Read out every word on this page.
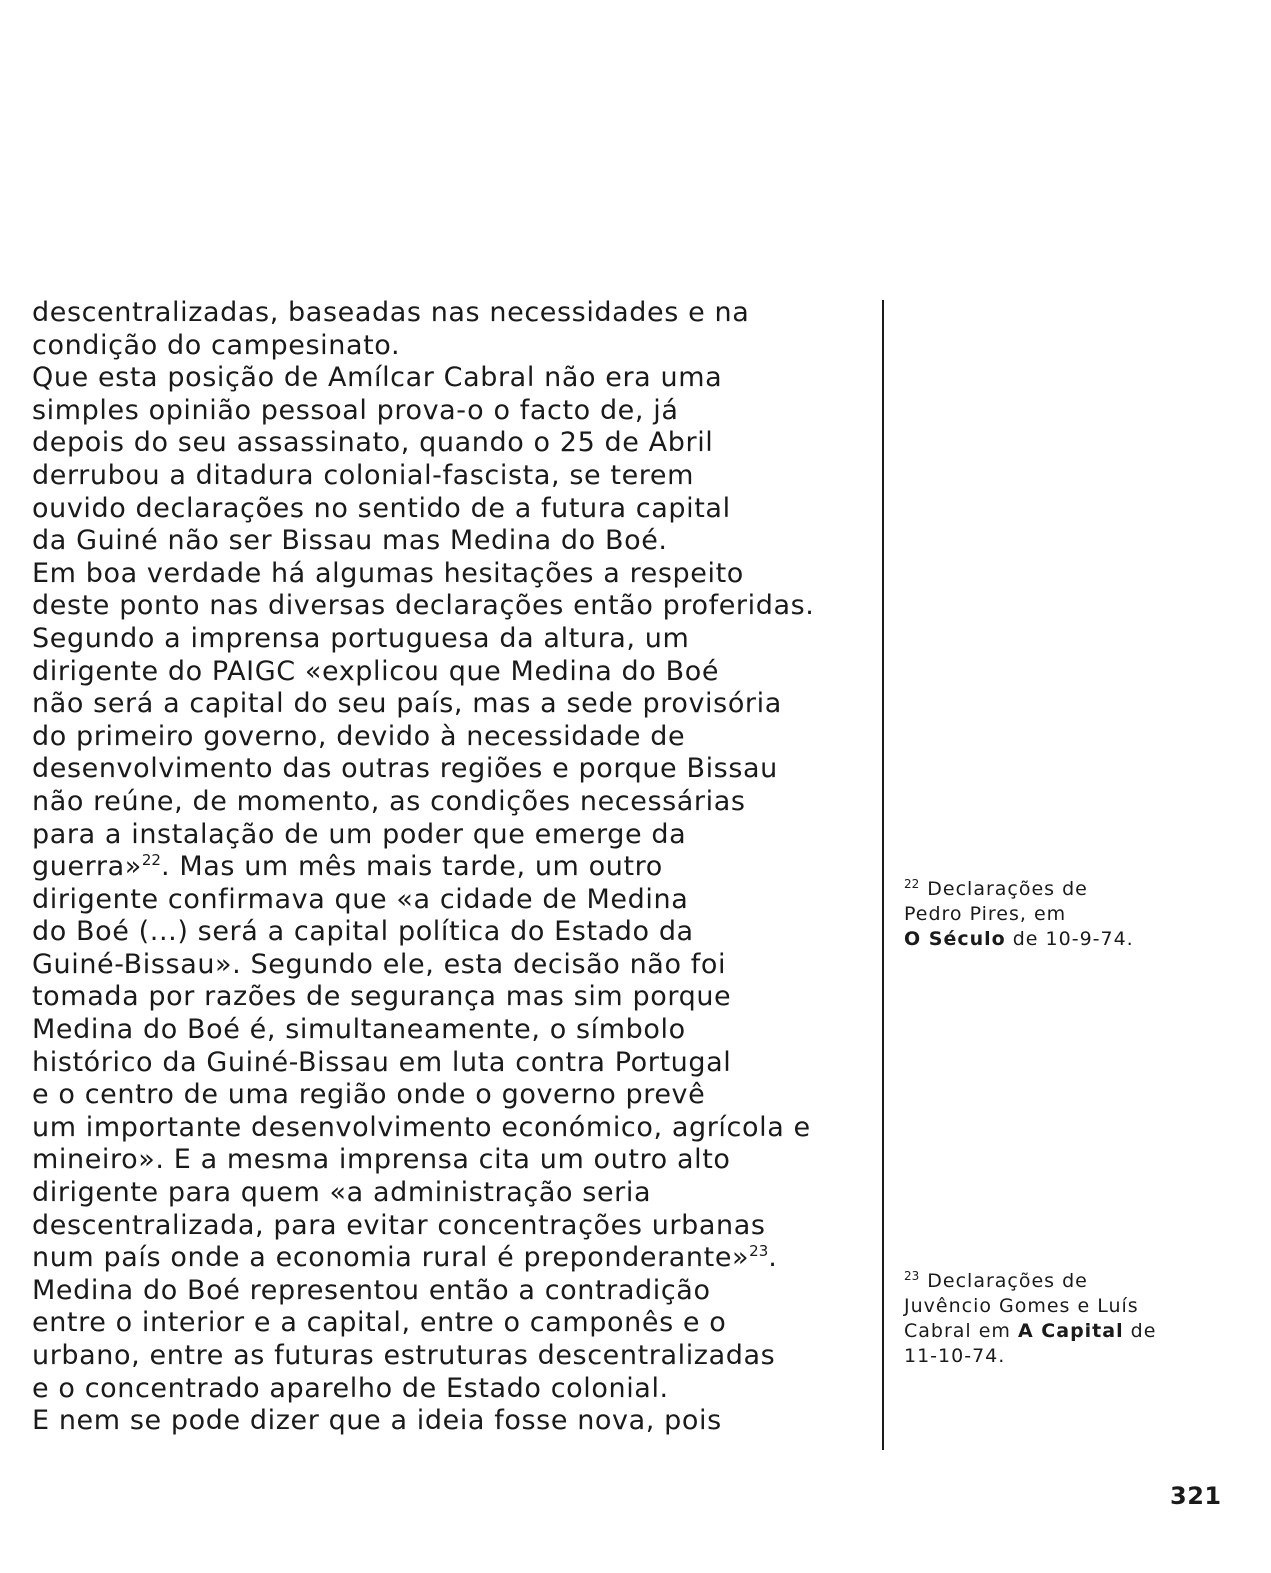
descentralizadas, baseadas nas necessidades e na
condição do campesinato.
Que esta posição de Amílcar Cabral não era uma
simples opinião pessoal prova-o o facto de, já
depois do seu assassinato, quando o 25 de Abril
derrubou a ditadura colonial-fascista, se terem
ouvido declarações no sentido de a futura capital
da Guiné não ser Bissau mas Medina do Boé.
Em boa verdade há algumas hesitações a respeito
deste ponto nas diversas declarações então proferidas.
Segundo a imprensa portuguesa da altura, um
dirigente do PAIGC «explicou que Medina do Boé
não será a capital do seu país, mas a sede provisória
do primeiro governo, devido à necessidade de
desenvolvimento das outras regiões e porque Bissau
não reúne, de momento, as condições necessárias
para a instalação de um poder que emerge da
guerra»$^{22}$. Mas um mês mais tarde, um outro
dirigente confirmava que «a cidade de Medina
do Boé (...) será a capital política do Estado da
Guiné-Bissau». Segundo ele, esta decisão não foi
tomada por razões de segurança mas sim porque
Medina do Boé é, simultaneamente, o símbolo
histórico da Guiné-Bissau em luta contra Portugal
e o centro de uma região onde o governo prevê
um importante desenvolvimento económico, agrícola e
mineiro». E a mesma imprensa cita um outro alto
dirigente para quem «a administração seria
descentralizada, para evitar concentrações urbanas
num país onde a economia rural é preponderante»$^{23}$.
Medina do Boé representou então a contradição
entre o interior e a capital, entre o camponês e o
urbano, entre as futuras estruturas descentralizadas
e o concentrado aparelho de Estado colonial.
E nem se pode dizer que a ideia fosse nova, pois
$^{22}$ Declarações de
Pedro Pires, em
O Século de 10-9-74.
$^{23}$ Declarações de
Juvêncio Gomes e Luís
Cabral em A Capital de
11-10-74.
321
